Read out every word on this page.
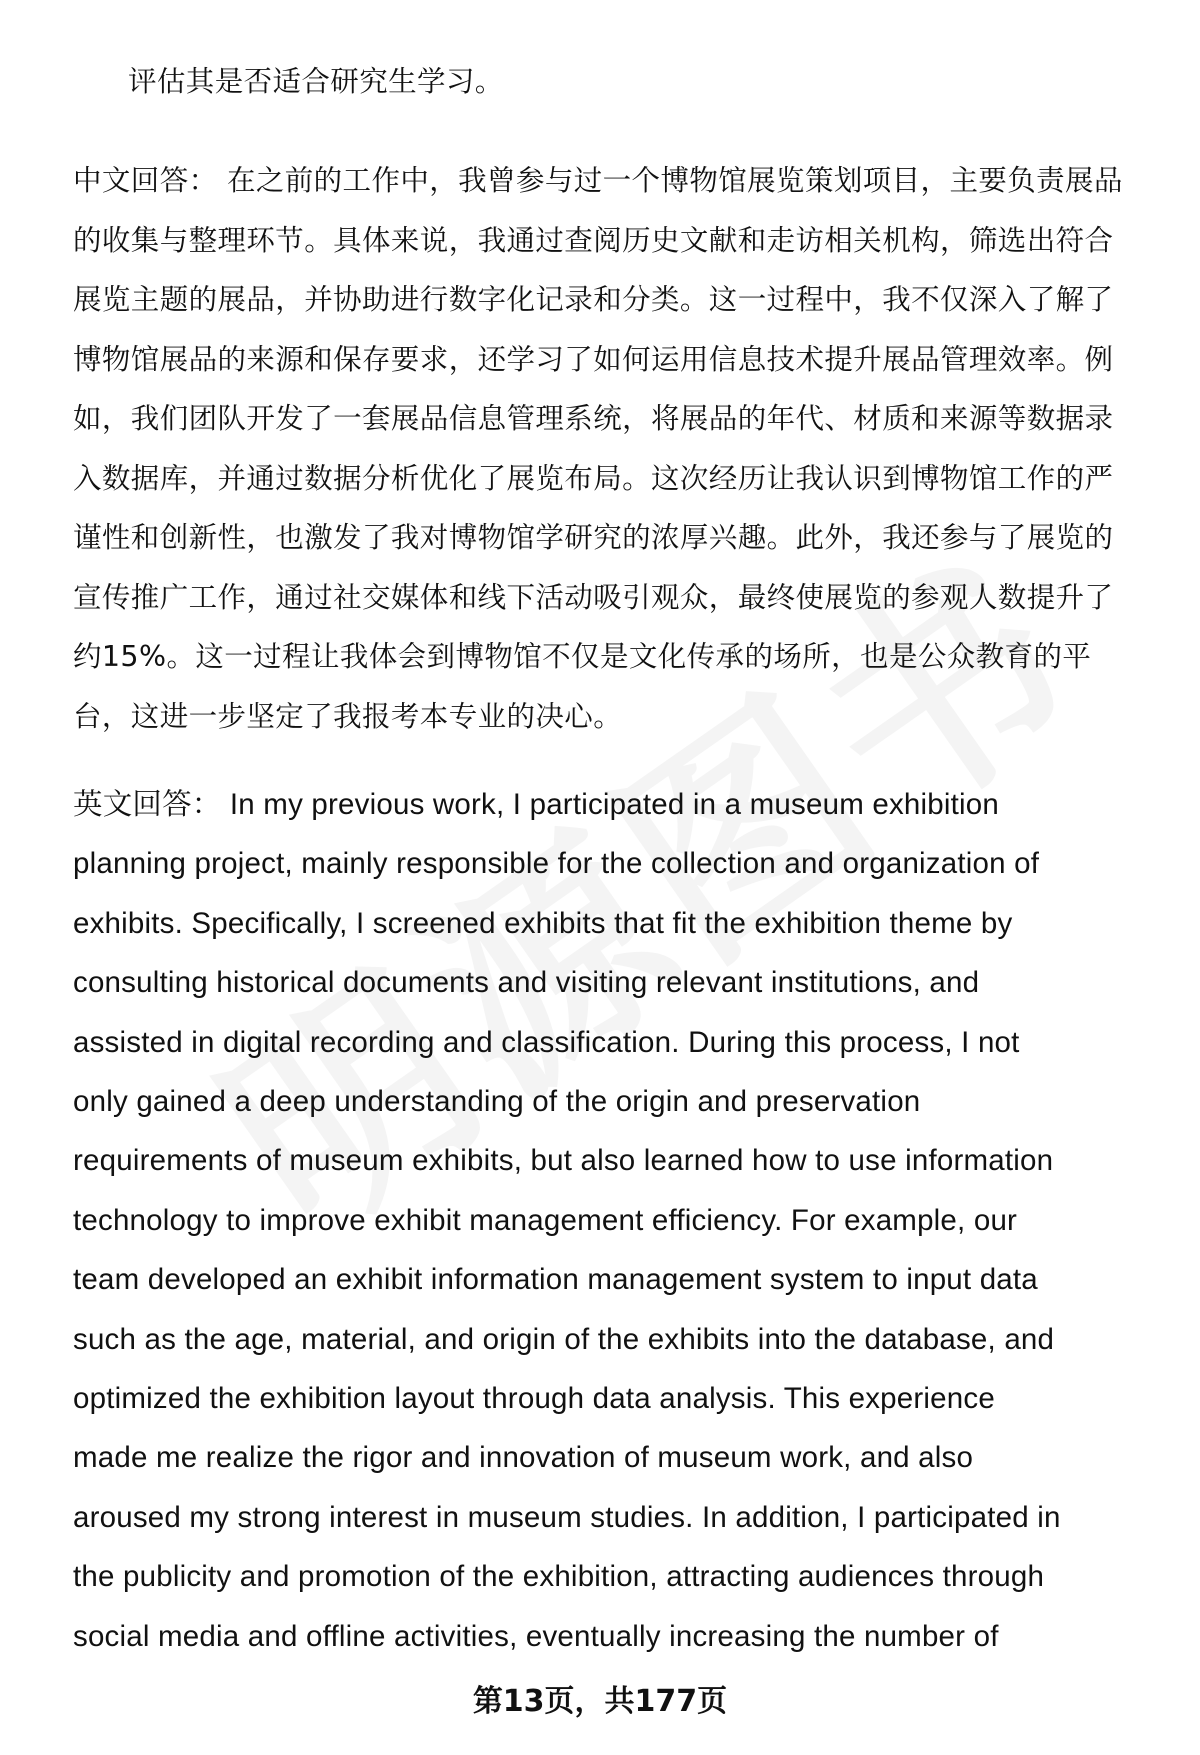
评估其是否适合研究生学习。

中文回答： 在之前的工作中，我曾参与过一个博物馆展览策划项目，主要负责展品
的收集与整理环节。具体来说，我通过查阅历史文献和走访相关机构，筛选出符合
展览主题的展品，并协助进行数字化记录和分类。这一过程中，我不仅深入了解了
博物馆展品的来源和保存要求，还学习了如何运用信息技术提升展品管理效率。例
如，我们团队开发了一套展品信息管理系统，将展品的年代、材质和来源等数据录
入数据库，并通过数据分析优化了展览布局。这次经历让我认识到博物馆工作的严
谨性和创新性，也激发了我对博物馆学研究的浓厚兴趣。此外，我还参与了展览的
宣传推广工作，通过社交媒体和线下活动吸引观众，最终使展览的参观人数提升了
约15%。这一过程让我体会到博物馆不仅是文化传承的场所，也是公众教育的平
台，这进一步坚定了我报考本专业的决心。

英文回答： In my previous work, I participated in a museum exhibition
planning project, mainly responsible for the collection and organization of
exhibits. Specifically, I screened exhibits that fit the exhibition theme by
consulting historical documents and visiting relevant institutions, and
assisted in digital recording and classification. During this process, I not
only gained a deep understanding of the origin and preservation
requirements of museum exhibits, but also learned how to use information
technology to improve exhibit management efficiency. For example, our
team developed an exhibit information management system to input data
such as the age, material, and origin of the exhibits into the database, and
optimized the exhibition layout through data analysis. This experience
made me realize the rigor and innovation of museum work, and also
aroused my strong interest in museum studies. In addition, I participated in
the publicity and promotion of the exhibition, attracting audiences through
social media and offline activities, eventually increasing the number of

第13页，共177页
